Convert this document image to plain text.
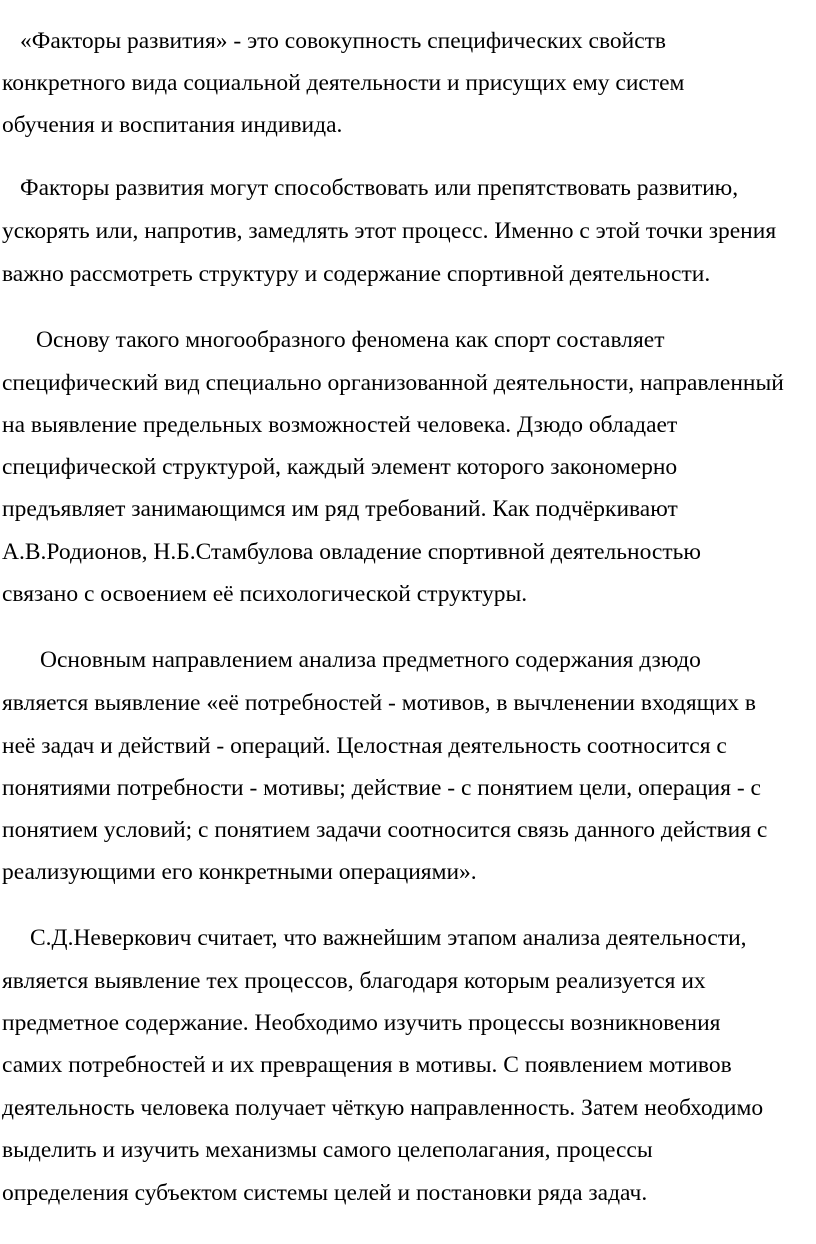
«Факторы развития» - это совокупность специфических свойств
конкретного вида социальной деятельности и присущих ему систем
обучения и воспитания индивида.
Факторы развития могут способствовать или препятствовать развитию,
ускорять или, напротив, замедлять этот процесс. Именно с этой точки зрения
важно рассмотреть структуру и содержание спортивной деятельности.
Основу такого многообразного феномена как спорт составляет
специфический вид специально организованной деятельности, направленный
на выявление предельных возможностей человека. Дзюдо обладает
специфической структурой, каждый элемент которого закономерно
предъявляет занимающимся им ряд требований. Как подчёркивают
А.В.Родионов, Н.Б.Стамбулова овладение спортивной деятельностью
связано с освоением её психологической структуры.
Основным направлением анализа предметного содержания дзюдо
является выявление «её потребностей - мотивов, в вычленении входящих в
неё задач и действий - операций. Целостная деятельность соотносится с
понятиями потребности - мотивы; действие - с понятием цели, операция - с
понятием условий; с понятием задачи соотносится связь данного действия с
реализующими его конкретными операциями».
С.Д.Неверкович считает, что важнейшим этапом анализа деятельности,
является выявление тех процессов, благодаря которым реализуется их
предметное содержание. Необходимо изучить процессы возникновения
самих потребностей и их превращения в мотивы. С появлением мотивов
деятельность человека получает чёткую направленность. Затем необходимо
выделить и изучить механизмы самого целеполагания, процессы
определения субъектом системы целей и постановки ряда задач.
